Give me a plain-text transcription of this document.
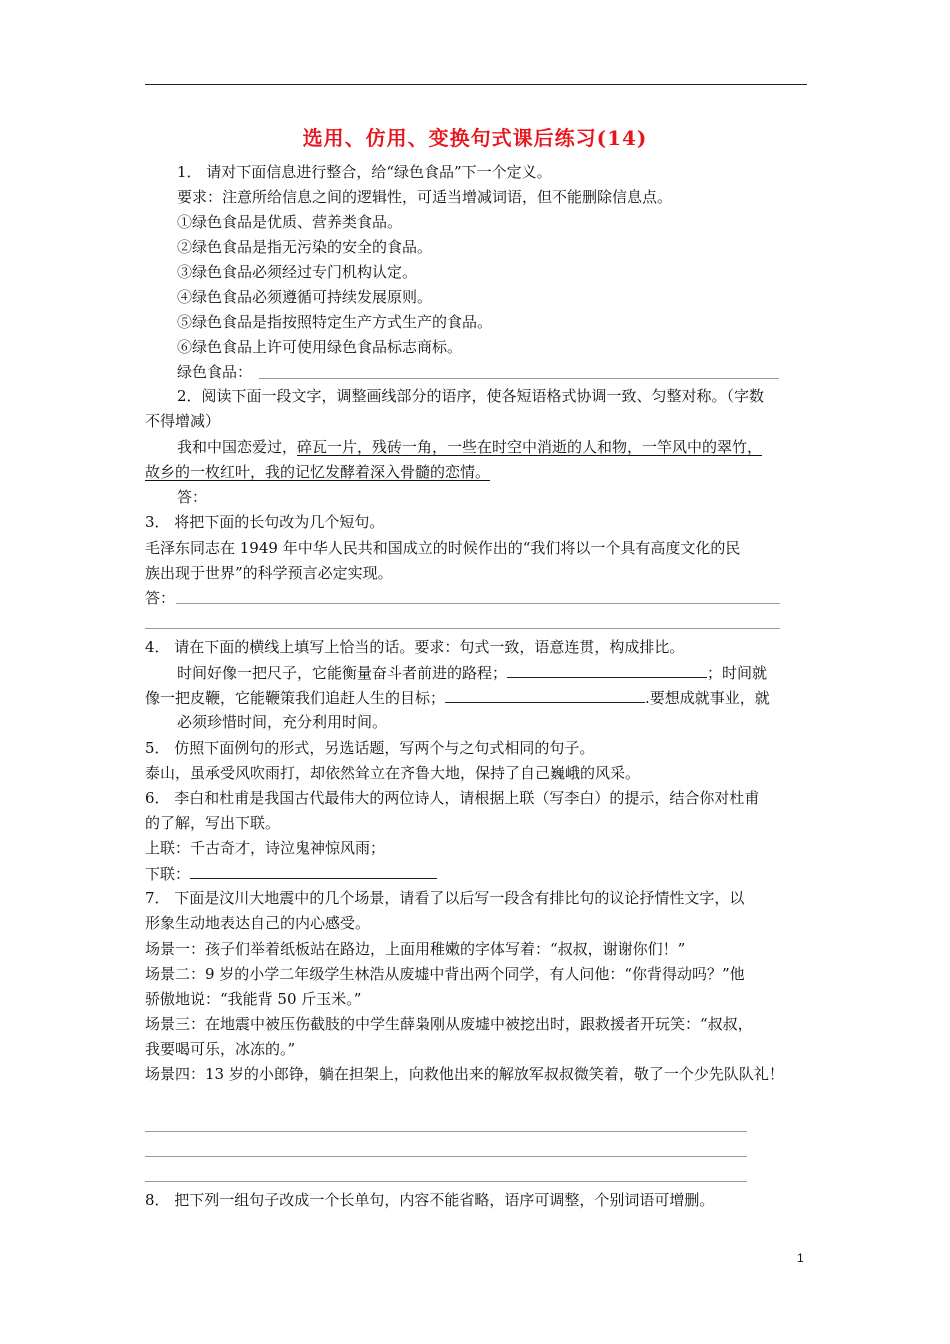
选用、仿用、变换句式课后练习(14)
1． 请对下面信息进行整合，给“绿色食品”下一个定义。
要求：注意所给信息之间的逻辑性，可适当增减词语，但不能删除信息点。
①绿色食品是优质、营养类食品。
②绿色食品是指无污染的安全的食品。
③绿色食品必须经过专门机构认定。
④绿色食品必须遵循可持续发展原则。
⑤绿色食品是指按照特定生产方式生产的食品。
⑥绿色食品上许可使用绿色食品标志商标。
绿色食品：
2．阅读下面一段文字，调整画线部分的语序，使各短语格式协调一致、匀整对称。（字数
不得增减）
我和中国恋爱过，碎瓦一片，残砖一角，一些在时空中消逝的人和物，一竿风中的翠竹，
故乡的一枚红叶，我的记忆发酵着深入骨髓的恋情。
答：
3． 将把下面的长句改为几个短句。
毛泽东同志在 1949 年中华人民共和国成立的时候作出的“我们将以一个具有高度文化的民
族出现于世界”的科学预言必定实现。
答：
4． 请在下面的横线上填写上恰当的话。要求：句式一致，语意连贯，构成排比。
时间好像一把尺子，它能衡量奋斗者前进的路程；	；时间就
像一把皮鞭，它能鞭策我们追赶人生的目标；	.要想成就事业，就
必须珍惜时间，充分利用时间。
5． 仿照下面例句的形式，另选话题，写两个与之句式相同的句子。
泰山，虽承受风吹雨打，却依然耸立在齐鲁大地，保持了自己巍峨的风采。
6． 李白和杜甫是我国古代最伟大的两位诗人，请根据上联（写李白）的提示，结合你对杜甫
的了解，写出下联。
上联：千古奇才，诗泣鬼神惊风雨；
下联：
7． 下面是汶川大地震中的几个场景，请看了以后写一段含有排比句的议论抒情性文字，以
形象生动地表达自己的内心感受。
场景一：孩子们举着纸板站在路边，上面用稚嫩的字体写着：“叔叔，谢谢你们！”
场景二：9 岁的小学二年级学生林浩从废墟中背出两个同学，有人问他：“你背得动吗？”他
骄傲地说：“我能背 50 斤玉米。”
场景三：在地震中被压伤截肢的中学生薛枭刚从废墟中被挖出时，跟救援者开玩笑：“叔叔，
我要喝可乐，冰冻的。”
场景四：13 岁的小郎铮，躺在担架上，向救他出来的解放军叔叔微笑着，敬了一个少先队队礼！
8． 把下列一组句子改成一个长单句，内容不能省略，语序可调整，个别词语可增删。
1
